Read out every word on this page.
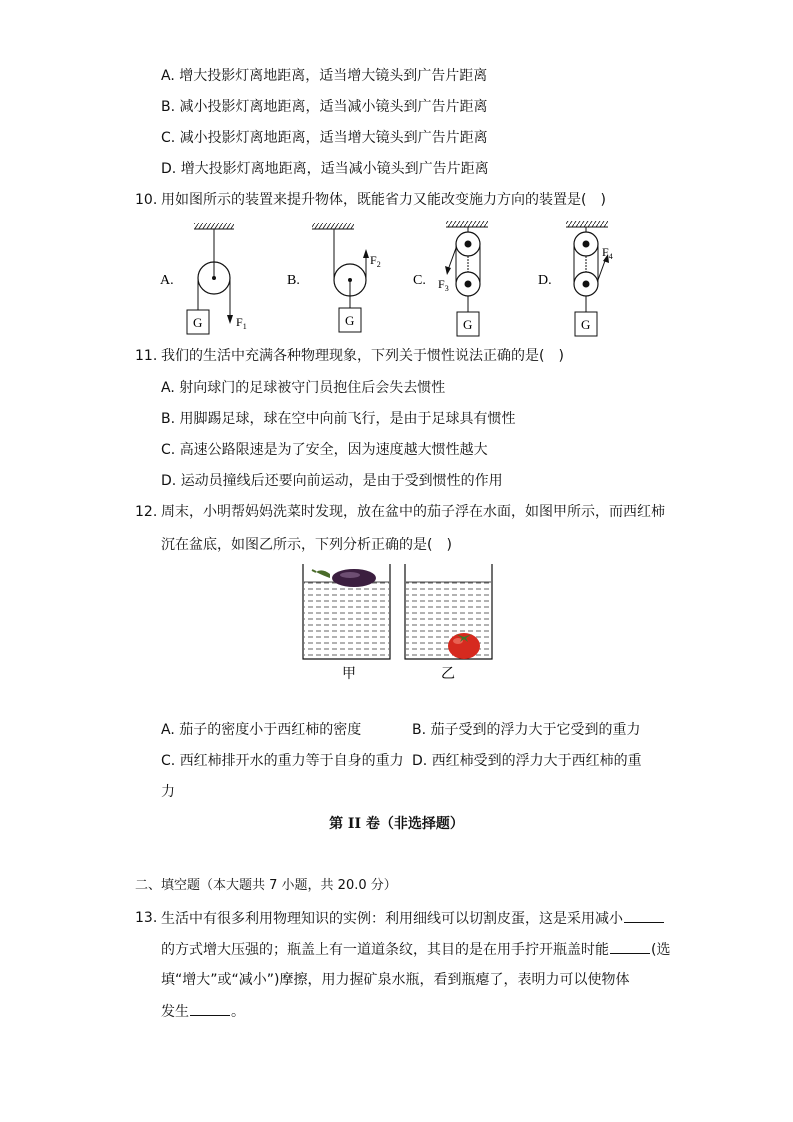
A. 增大投影灯离地距离，适当增大镜头到广告片距离
B. 减小投影灯离地距离，适当减小镜头到广告片距离
C. 减小投影灯离地距离，适当增大镜头到广告片距离
D. 增大投影灯离地距离，适当减小镜头到广告片距离
10. 用如图所示的装置来提升物体，既能省力又能改变施力方向的装置是(　)
A.
G	$F_1$
B.
$F_2$
G
C. $F_3$
G
D.
$F_4$
G
11. 我们的生活中充满各种物理现象，下列关于惯性说法正确的是(　)
A. 射向球门的足球被守门员抱住后会失去惯性
B. 用脚踢足球，球在空中向前飞行，是由于足球具有惯性
C. 高速公路限速是为了安全，因为速度越大惯性越大
D. 运动员撞线后还要向前运动，是由于受到惯性的作用
12. 周末，小明帮妈妈洗菜时发现，放在盆中的茄子浮在水面，如图甲所示，而西红柿
沉在盆底，如图乙所示，下列分析正确的是(　)
甲	乙
A. 茄子的密度小于西红柿的密度	B. 茄子受到的浮力大于它受到的重力
C. 西红柿排开水的重力等于自身的重力 D. 西红柿受到的浮力大于西红柿的重
力
第 II 卷（非选择题）
二、填空题（本大题共 7 小题，共 20.0 分）
13. 生活中有很多利用物理知识的实例：利用细线可以切割皮蛋，这是采用减小
的方式增大压强的；瓶盖上有一道道条纹，其目的是在用手拧开瓶盖时能	(选
填“增大”或“减小”)摩擦，用力握矿泉水瓶，看到瓶瘪了，表明力可以使物体
发生	。
